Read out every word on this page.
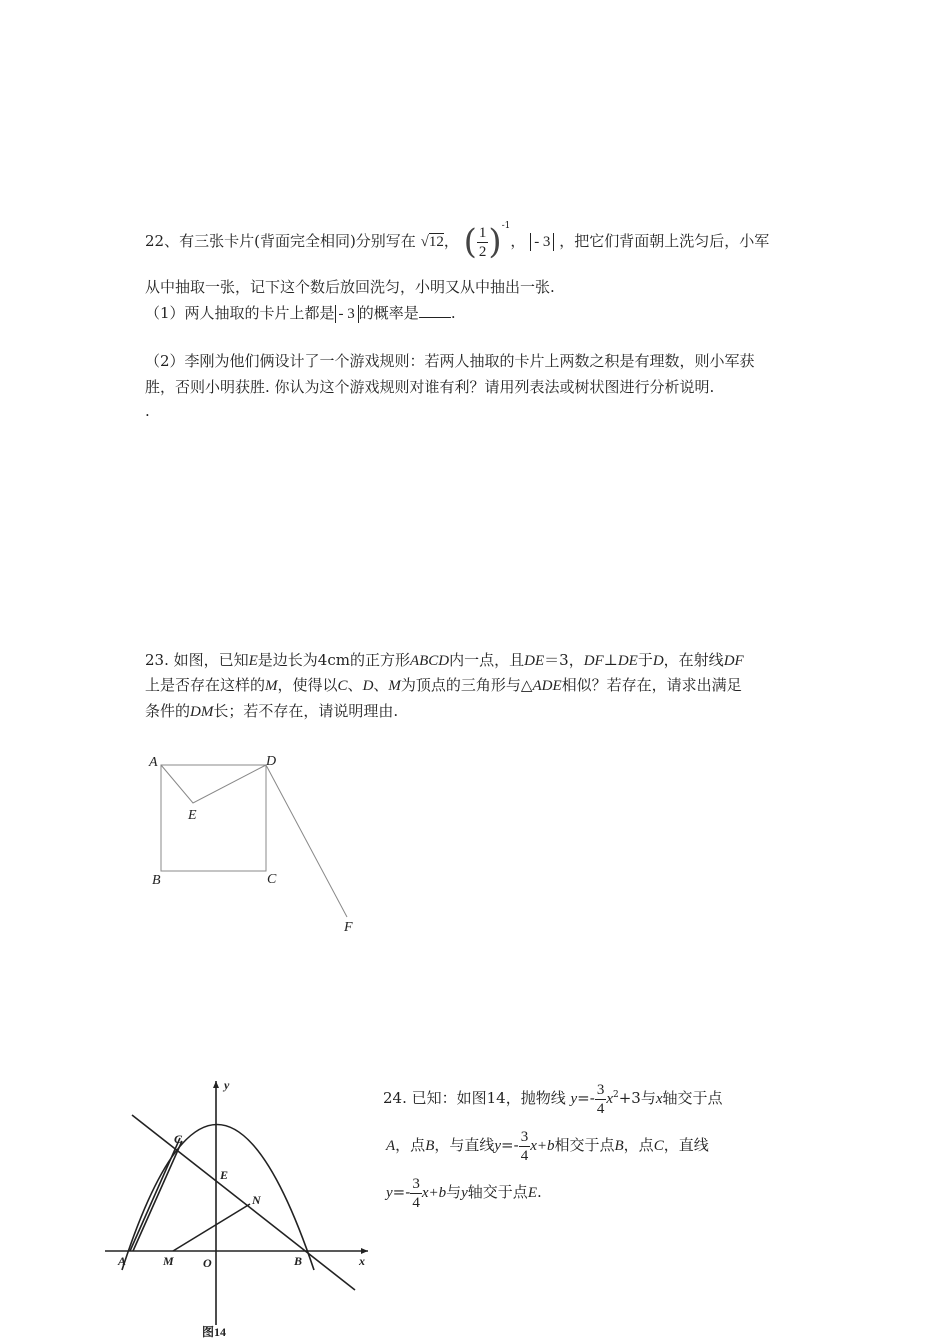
22、有三张卡片(背面完全相同)分别写在 √12， ( $\frac{1}{2} )^{-1}$， - 3 ，把它们背面朝上洗匀后，小军
从中抽取一张，记下这个数后放回洗匀，小明又从中抽出一张.
（1）两人抽取的卡片上都是 - 3 的概率是 .
（2）李刚为他们俩设计了一个游戏规则：若两人抽取的卡片上两数之积是有理数，则小军获
胜，否则小明获胜. 你认为这个游戏规则对谁有利？请用列表法或树状图进行分析说明.
.
23. 如图，已知E是边长为4cm的正方形ABCD内一点，且DE＝3，DF⊥DE于D，在射线DF
上是否存在这样的M，使得以C、D、M为顶点的三角形与△ADE相似？若存在，请求出满足
条件的DM长；若不存在，请说明理由.
A	D
E
B	C
F
y
x
C
E
N
A	M O	B
图14
24. 已知：如图14，抛物线 $y=- \frac{3}{4} x^2+3$与x轴交于点
A，点B，与直线$y=- \frac{3}{4} x+b$相交于点B，点C，直线
$y=- \frac{3}{4} x+b$与y轴交于点E.
